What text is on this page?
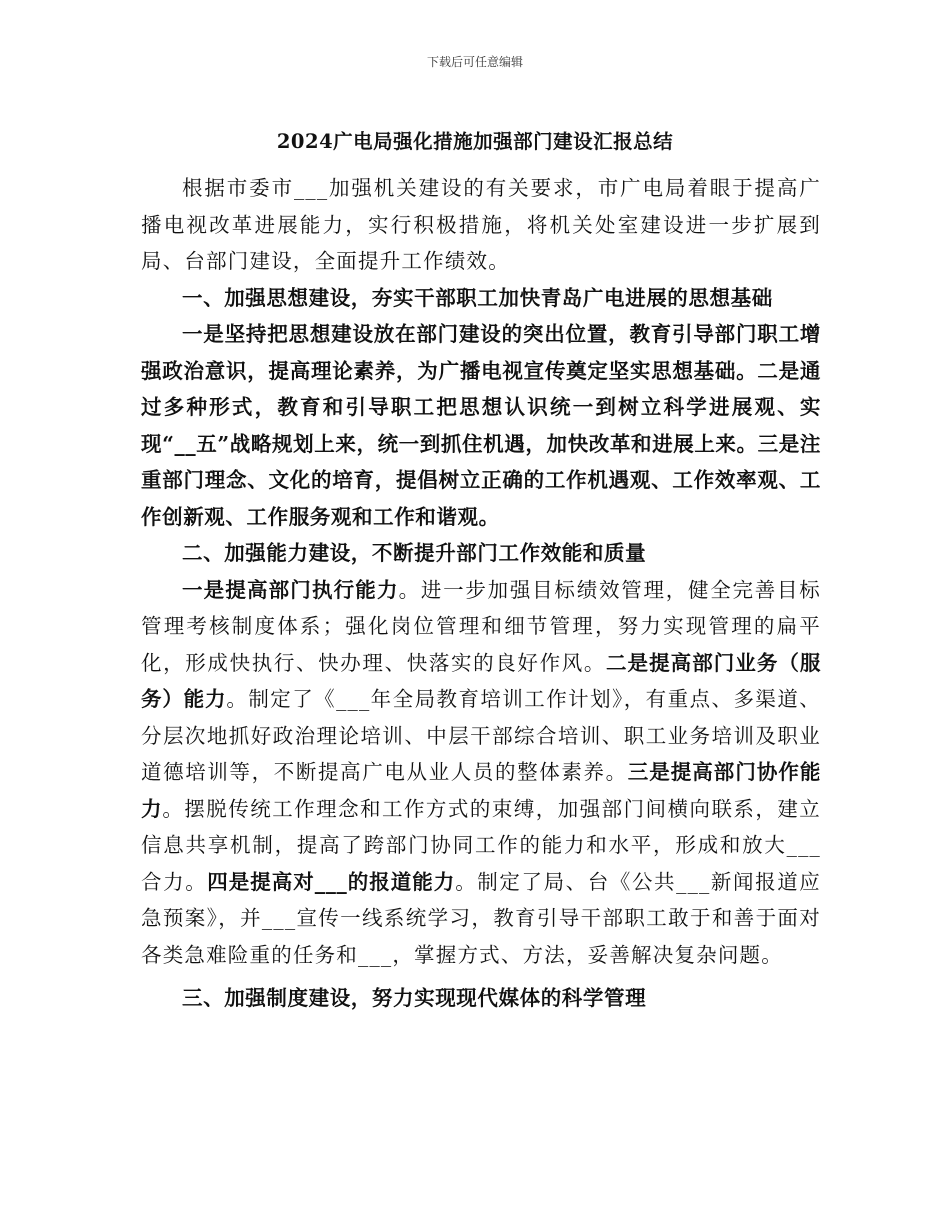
下载后可任意编辑
2024广电局强化措施加强部门建设汇报总结

根据市委市___加强机关建设的有关要求，市广电局着眼于提高广播电视改革进展能力，实行积极措施，将机关处室建设进一步扩展到局、台部门建设，全面提升工作绩效。

一、加强思想建设，夯实干部职工加快青岛广电进展的思想基础

一是坚持把思想建设放在部门建设的突出位置，教育引导部门职工增强政治意识，提高理论素养，为广播电视宣传奠定坚实思想基础。二是通过多种形式，教育和引导职工把思想认识统一到树立科学进展观、实现“__五”战略规划上来，统一到抓住机遇，加快改革和进展上来。三是注重部门理念、文化的培育，提倡树立正确的工作机遇观、工作效率观、工作创新观、工作服务观和工作和谐观。

二、加强能力建设，不断提升部门工作效能和质量

一是提高部门执行能力。进一步加强目标绩效管理，健全完善目标管理考核制度体系；强化岗位管理和细节管理，努力实现管理的扁平化，形成快执行、快办理、快落实的良好作风。二是提高部门业务（服务）能力。制定了《___年全局教育培训工作计划》，有重点、多渠道、分层次地抓好政治理论培训、中层干部综合培训、职工业务培训及职业道德培训等，不断提高广电从业人员的整体素养。三是提高部门协作能力。摆脱传统工作理念和工作方式的束缚，加强部门间横向联系，建立信息共享机制，提高了跨部门协同工作的能力和水平，形成和放大___合力。四是提高对___的报道能力。制定了局、台《公共___新闻报道应急预案》，并___宣传一线系统学习，教育引导干部职工敢于和善于面对各类急难险重的任务和___，掌握方式、方法，妥善解决复杂问题。

三、加强制度建设，努力实现现代媒体的科学管理
